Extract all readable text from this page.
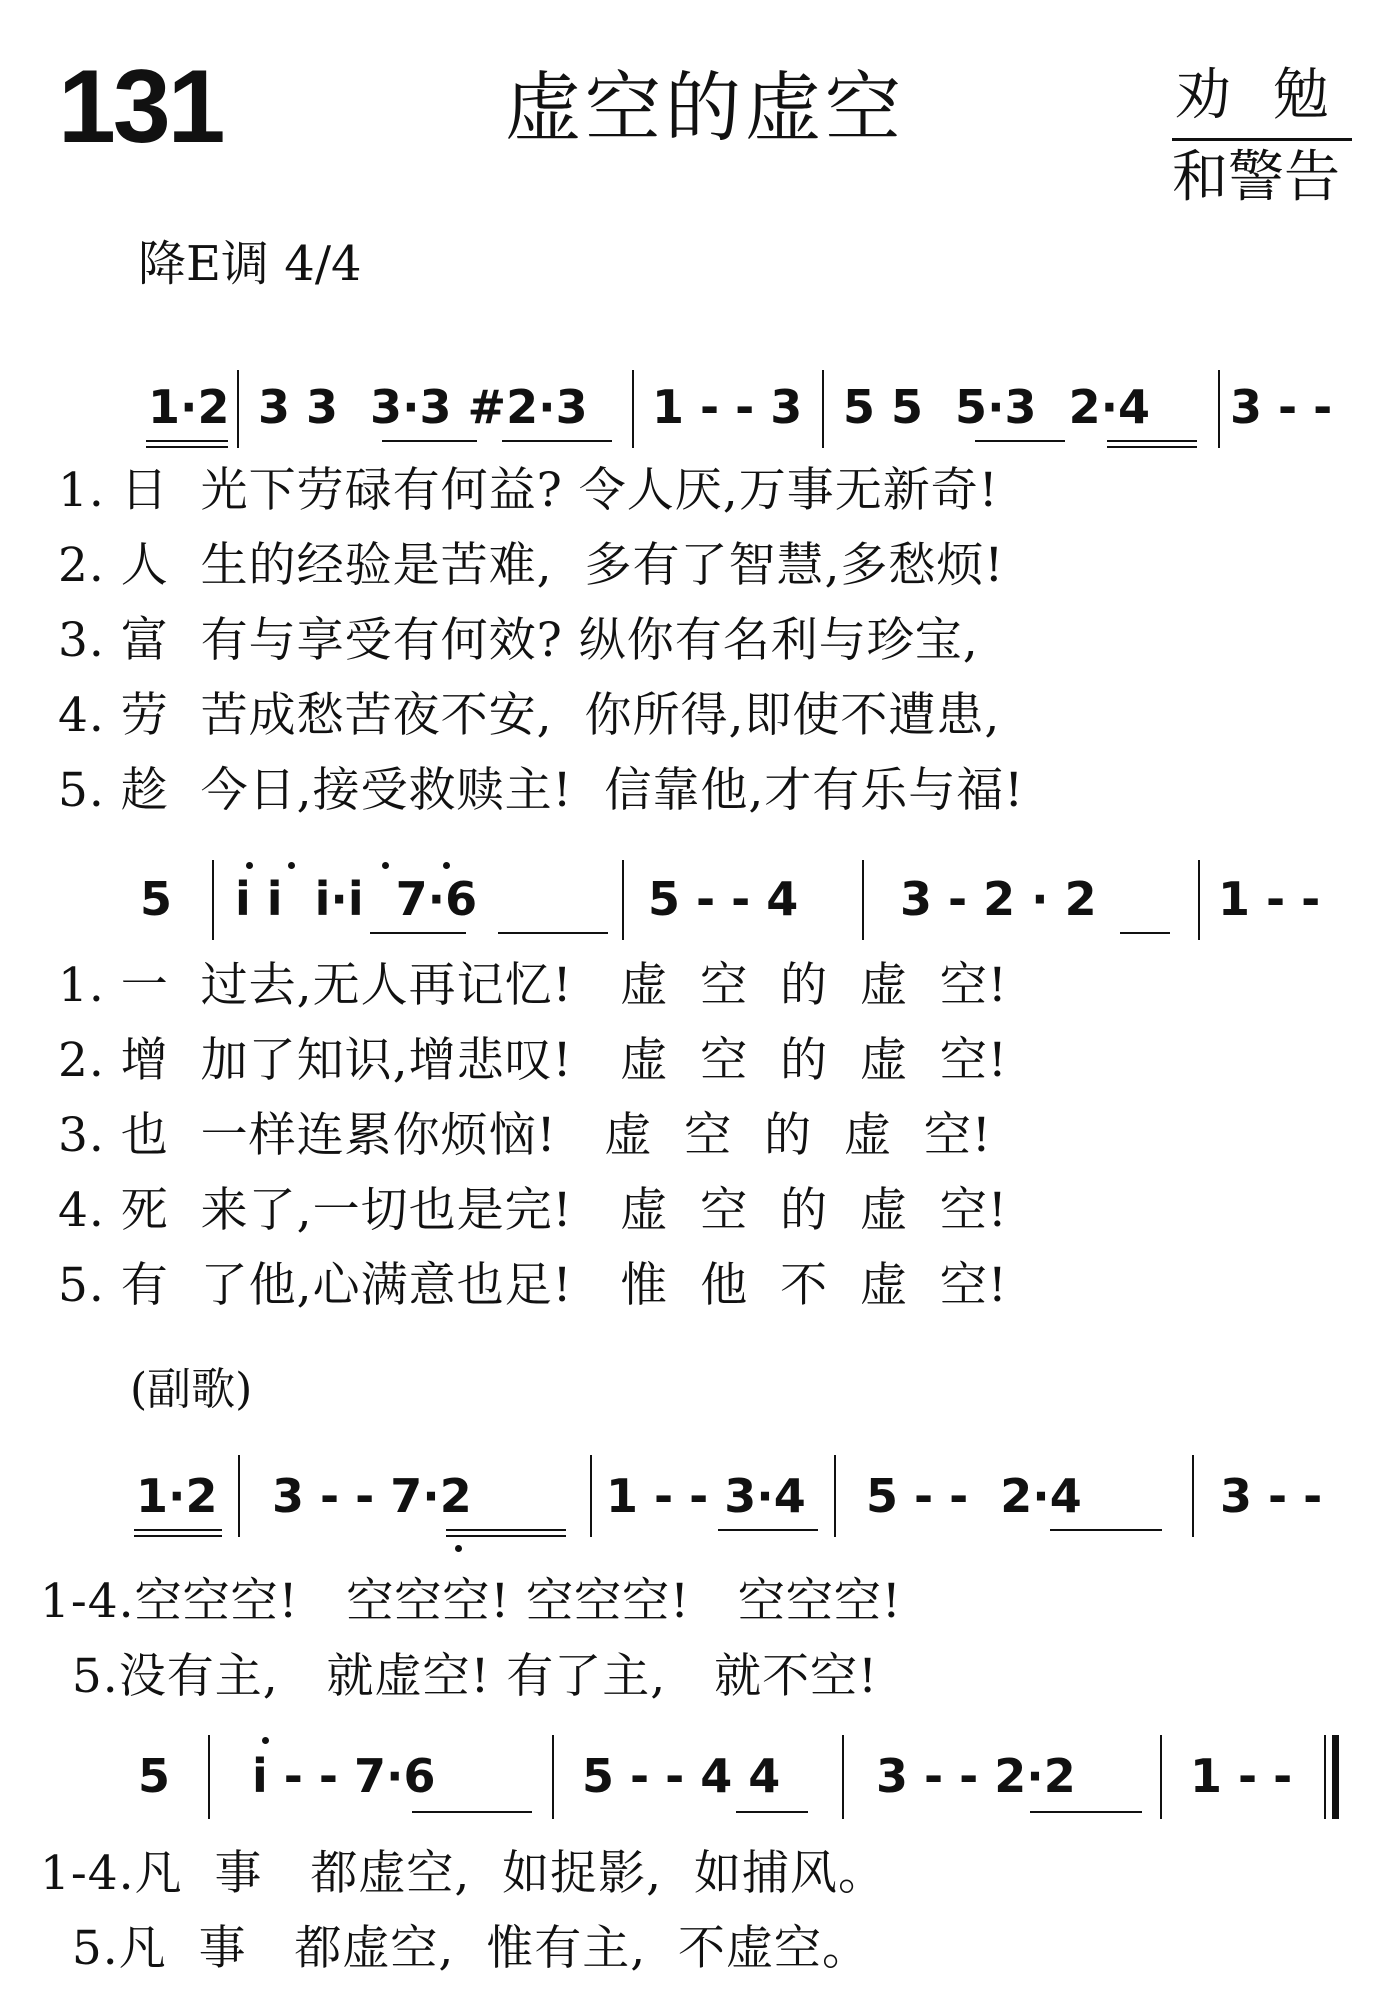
131	虚空的虚空	劝勉
和警告
降E调 4/4
1·2 3 3  3·3 #2·3 1 - - 3 5 5  5·3  2·4 3 - -
1. 日  光下劳碌有何益? 令人厌,万事无新奇!
2. 人  生的经验是苦难,  多有了智慧,多愁烦!
3. 富  有与享受有何效? 纵你有名利与珍宝,
4. 劳  苦成愁苦夜不安,  你所得,即使不遭患,
5. 趁  今日,接受救赎主!  信靠他,才有乐与福!
5 i i  i·i  7·6	5 - - 4 3 - 2 · 2	1 - -
1. 一  过去,无人再记忆!   虚  空  的  虚  空!
2. 增  加了知识,增悲叹!   虚  空  的  虚  空!
3. 也  一样连累你烦恼!   虚  空  的  虚  空!
4. 死  来了,一切也是完!   虚  空  的  虚  空!
5. 有  了他,心满意也足!   惟  他  不  虚  空!
(副歌)
1·2 3 - - 7·2	1 - - 3·4 5 - -  2·4	3 - -
1-4.空空空!   空空空! 空空空!   空空空!
5.没有主,   就虚空! 有了主,   就不空!
5 i - - 7·6	5 - - 4 4 3 - - 2·2 1 - -
1-4.凡  事   都虚空,  如捉影,  如捕风。
5.凡  事   都虚空,  惟有主,  不虚空。
